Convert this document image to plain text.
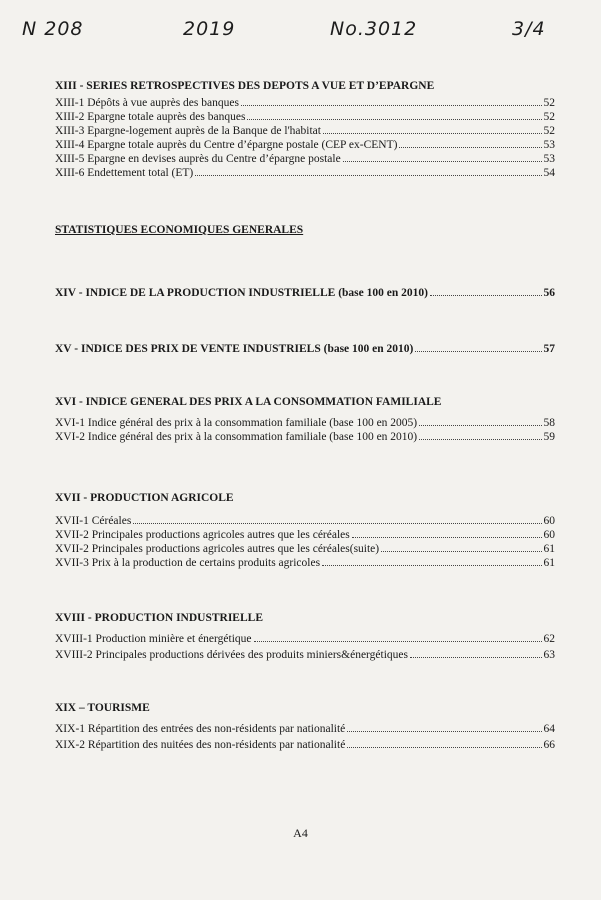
N 208	2019	No.3012	3/4
XIII - SERIES RETROSPECTIVES DES DEPOTS A VUE ET D’EPARGNE
XIII-1 Dépôts à vue auprès des banques	52
XIII-2 Epargne totale auprès des banques	52
XIII-3 Epargne-logement auprès de la Banque de l'habitat	52
XIII-4 Epargne totale auprès du Centre d’épargne postale (CEP ex-CENT)	53
XIII-5 Epargne en devises auprès du Centre d’épargne postale	53
XIII-6 Endettement total (ET)	54
STATISTIQUES ECONOMIQUES GENERALES
XIV - INDICE DE LA PRODUCTION INDUSTRIELLE (base 100 en 2010)	56
XV - INDICE DES PRIX DE VENTE INDUSTRIELS (base 100 en 2010)	57
XVI - INDICE GENERAL DES PRIX A LA CONSOMMATION FAMILIALE
XVI-1 Indice général des prix à la consommation familiale (base 100 en 2005)	58
XVI-2 Indice général des prix à la consommation familiale (base 100 en 2010)	59
XVII - PRODUCTION AGRICOLE
XVII-1 Céréales	60
XVII-2 Principales productions agricoles autres que les céréales	60
XVII-2 Principales productions agricoles autres que les céréales(suite)	61
XVII-3 Prix à la production de certains produits agricoles	61
XVIII - PRODUCTION INDUSTRIELLE
XVIII-1 Production minière et énergétique	62
XVIII-2 Principales productions dérivées des produits miniers&énergétiques	63
XIX – TOURISME
XIX-1 Répartition des entrées des non-résidents par nationalité	64
XIX-2 Répartition des nuitées des non-résidents par nationalité	66
A4
